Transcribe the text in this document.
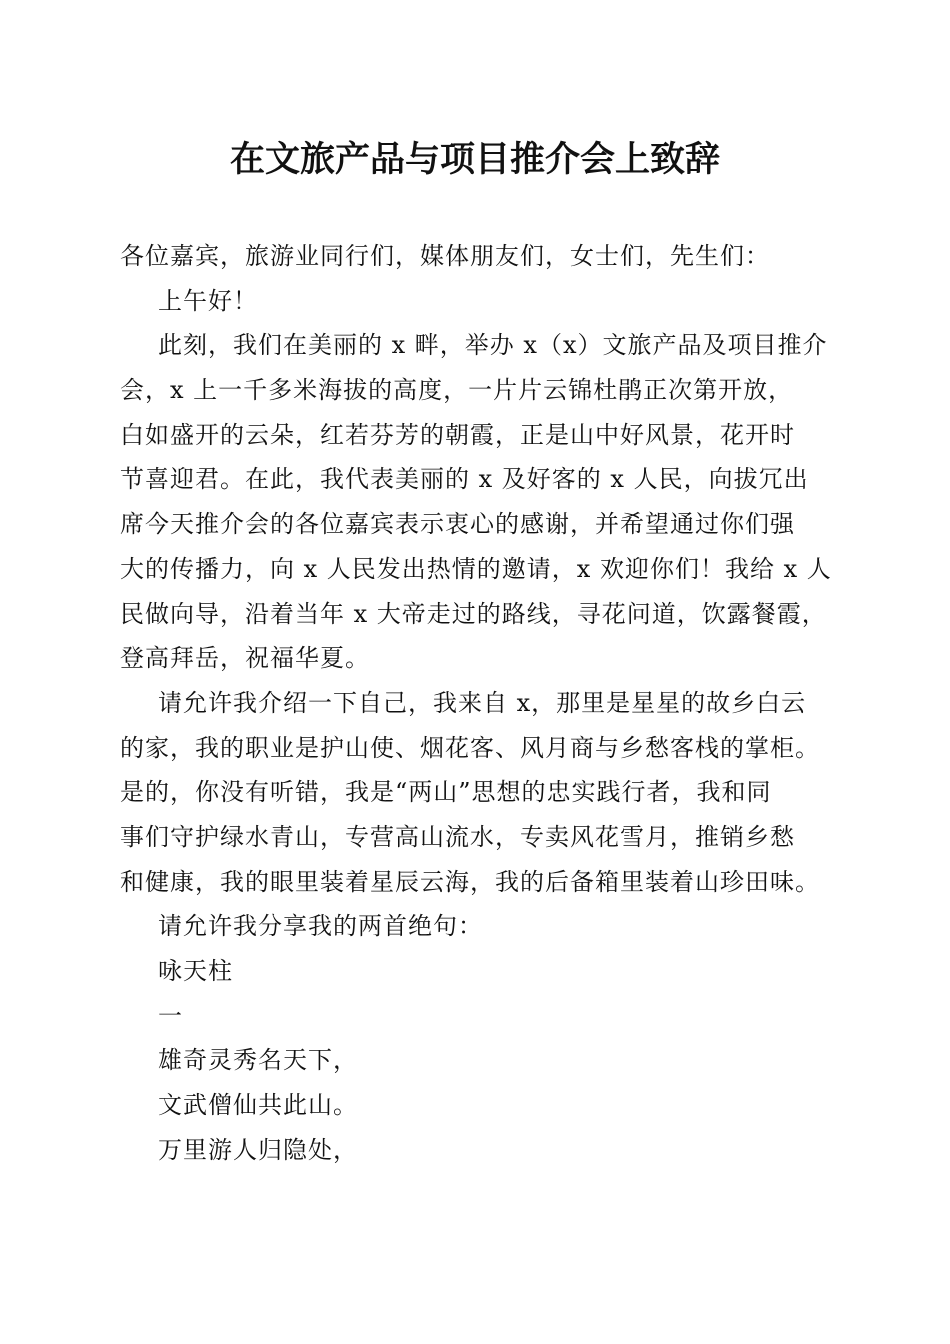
在文旅产品与项目推介会上致辞
各位嘉宾，旅游业同行们，媒体朋友们，女士们，先生们：
上午好！
此刻，我们在美丽的 x 畔，举办 x（x）文旅产品及项目推介
会，x 上一千多米海拔的高度，一片片云锦杜鹃正次第开放，
白如盛开的云朵，红若芬芳的朝霞，正是山中好风景，花开时
节喜迎君。在此，我代表美丽的 x 及好客的 x 人民，向拔冗出
席今天推介会的各位嘉宾表示衷心的感谢，并希望通过你们强
大的传播力，向 x 人民发出热情的邀请，x 欢迎你们！我给 x 人
民做向导，沿着当年 x 大帝走过的路线，寻花问道，饮露餐霞，
登高拜岳，祝福华夏。
请允许我介绍一下自己，我来自 x，那里是星星的故乡白云
的家，我的职业是护山使、烟花客、风月商与乡愁客栈的掌柜。
是的，你没有听错，我是“两山”思想的忠实践行者，我和同
事们守护绿水青山，专营高山流水，专卖风花雪月，推销乡愁
和健康，我的眼里装着星辰云海，我的后备箱里装着山珍田味。
请允许我分享我的两首绝句：
咏天柱
一
雄奇灵秀名天下，
文武僧仙共此山。
万里游人归隐处，
